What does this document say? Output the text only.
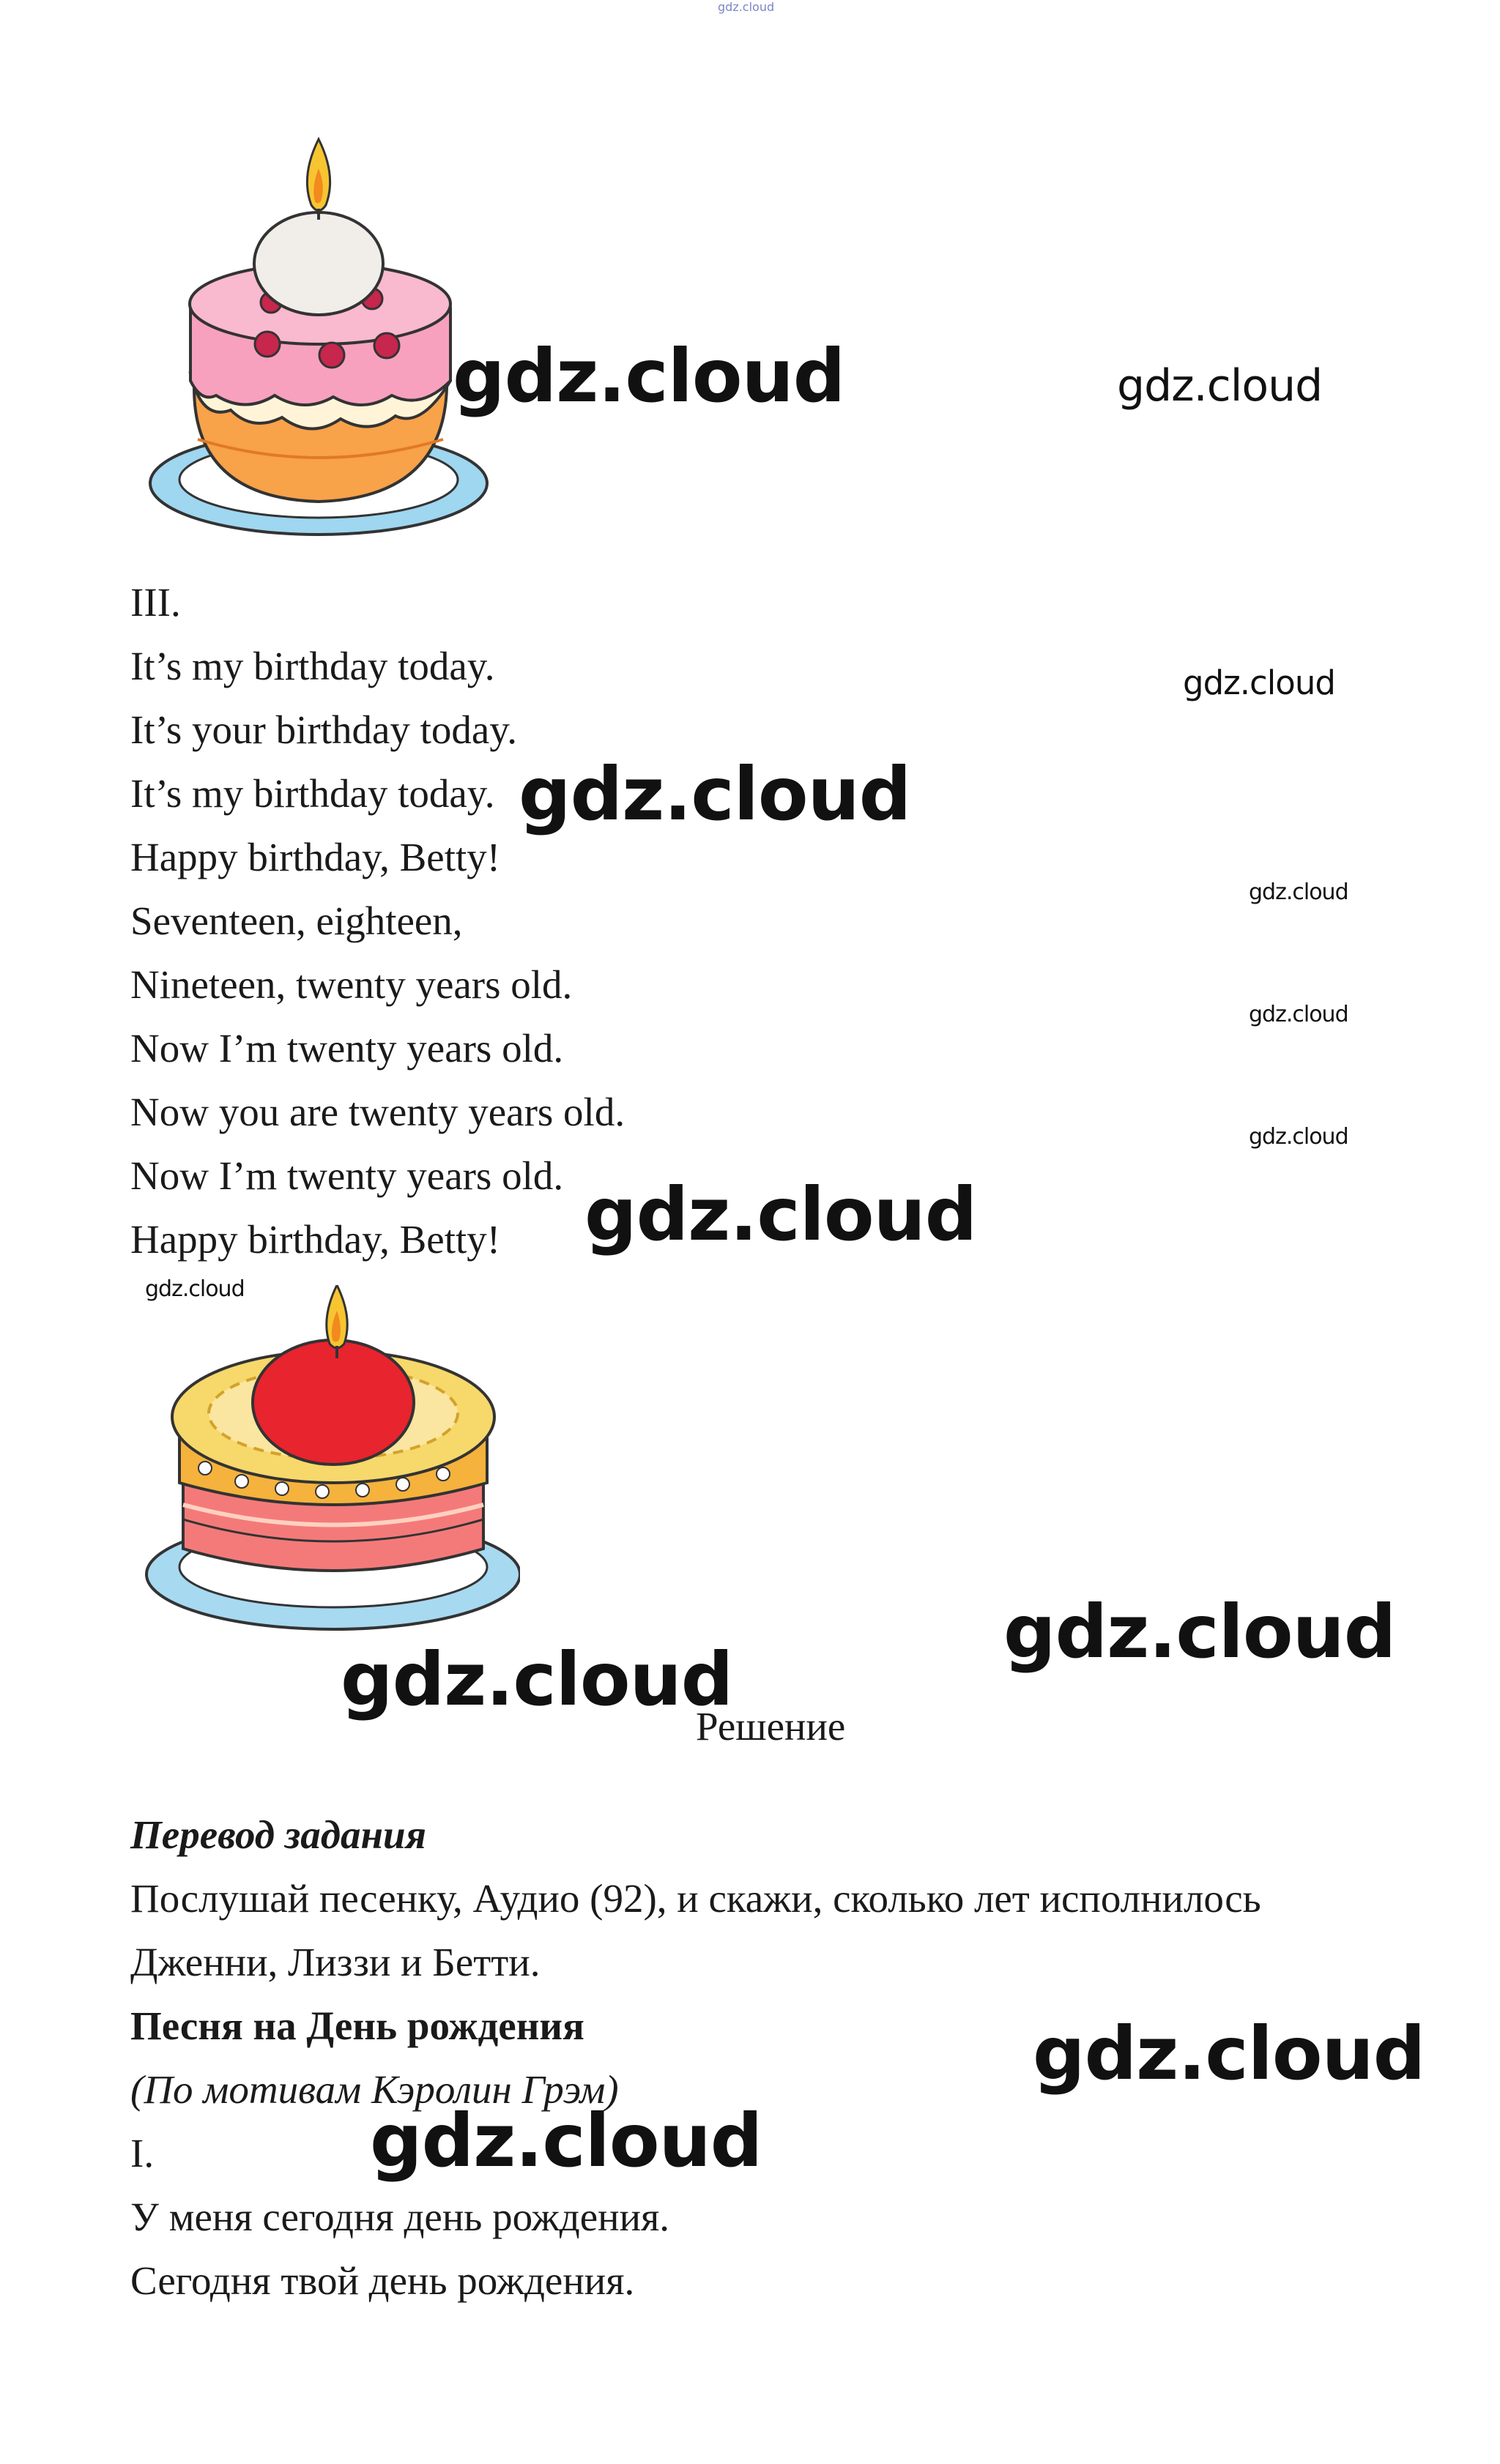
gdz.cloud
III.
It’s my birthday today.
It’s your birthday today.
It’s my birthday today.
Happy birthday, Betty!
Seventeen, eighteen,
Nineteen, twenty years old.
Now I’m twenty years old.
Now you are twenty years old.
Now I’m twenty years old.
Happy birthday, Betty!
Решение
Перевод задания
Послушай песенку, Аудио (92), и скажи, сколько лет исполнилось
Дженни, Лиззи и Бетти.
Песня на День рождения
(По мотивам Кэролин Грэм)
I.
У меня сегодня день рождения.
Сегодня твой день рождения.
gdz.cloud	gdz.cloud
gdz.cloud
gdz.cloud
gdz.cloud
gdz.cloud
gdz.cloud
gdz.cloud
gdz.cloud
gdz.cloud
gdz.cloud
gdz.cloud
gdz.cloud
